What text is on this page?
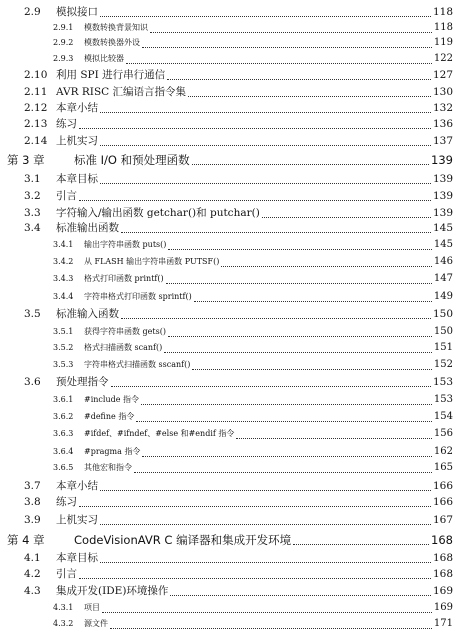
2.9 模拟接口	118
2.9.1 模数转换背景知识	118
2.9.2 模数转换器外设	119
2.9.3 模拟比较器	122
2.10 利用 SPI 进行串行通信	127
2.11 AVR RISC 汇编语言指令集	130
2.12 本章小结	132
2.13 练习	136
2.14 上机实习	137
第 3 章	标准 I/O 和预处理函数	139
3.1 本章目标	139
3.2 引言	139
3.3 字符输入/输出函数 getchar()和 putchar()	139
3.4 标准输出函数	145
3.4.1 输出字符串函数 puts()	145
3.4.2 从 FLASH 输出字符串函数 PUTSF()	146
3.4.3 格式打印函数 printf()	147
3.4.4 字符串格式打印函数 sprintf()	149
3.5 标准输入函数	150
3.5.1 获得字符串函数 gets()	150
3.5.2 格式扫描函数 scanf()	151
3.5.3 字符串格式扫描函数 sscanf()	152
3.6 预处理指令	153
3.6.1 #include 指令	153
3.6.2 #define 指令	154
3.6.3 #ifdef、#ifndef、#else 和#endif 指令	156
3.6.4 #pragma 指令	162
3.6.5 其他宏和指令	165
3.7 本章小结	166
3.8 练习	166
3.9 上机实习	167
第 4 章	CodeVisionAVR C 编译器和集成开发环境	168
4.1 本章目标	168
4.2 引言	168
4.3 集成开发(IDE)环境操作	169
4.3.1 项目	169
4.3.2 源文件	171
